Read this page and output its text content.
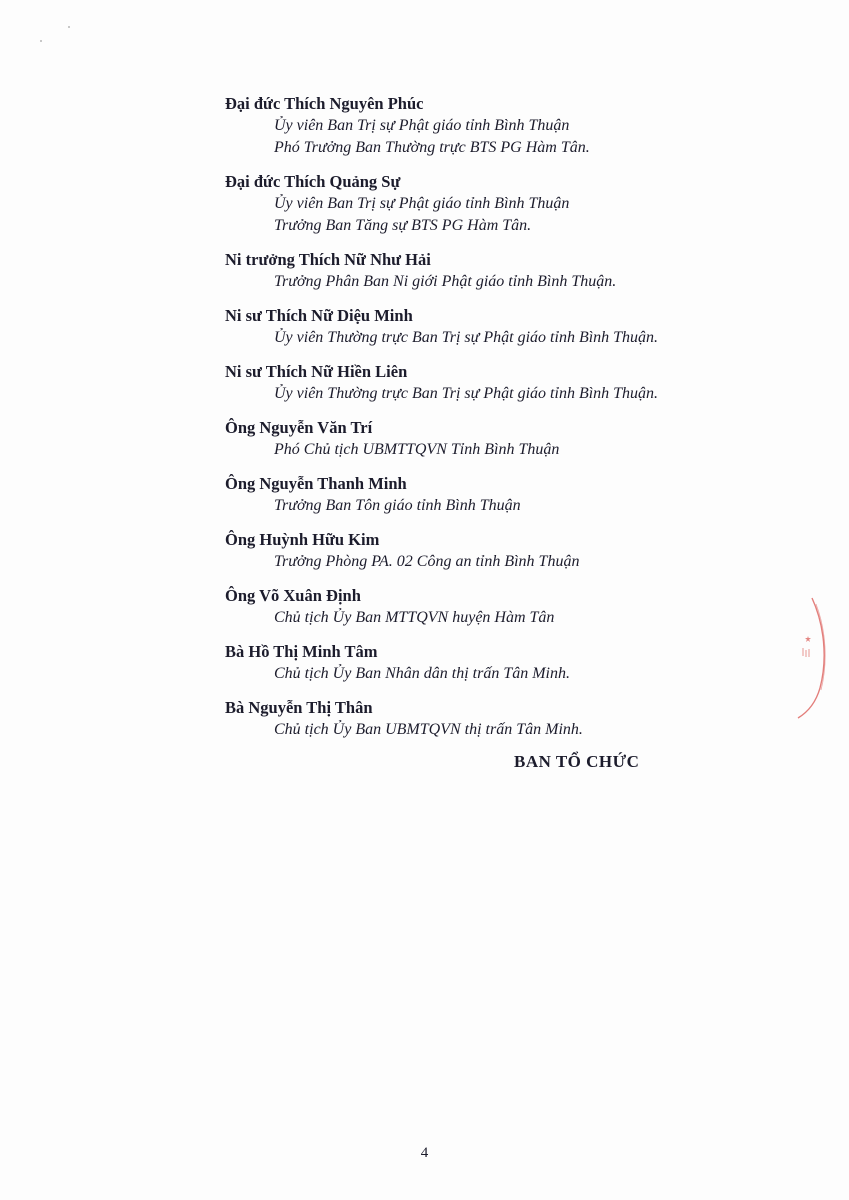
Đại đức Thích Nguyên Phúc
Ủy viên Ban Trị sự Phật giáo tỉnh Bình Thuận
Phó Trưởng Ban Thường trực BTS PG Hàm Tân.
Đại đức Thích Quảng Sự
Ủy viên Ban Trị sự Phật giáo tỉnh Bình Thuận
Trưởng Ban Tăng sự BTS PG Hàm Tân.
Ni trưởng Thích Nữ Như Hải
Trưởng Phân Ban Ni giới Phật giáo tỉnh Bình Thuận.
Ni sư Thích Nữ Diệu Minh
Ủy viên Thường trực Ban Trị sự Phật giáo tỉnh Bình Thuận.
Ni sư Thích Nữ Hiền Liên
Ủy viên Thường trực Ban Trị sự Phật giáo tỉnh Bình Thuận.
Ông Nguyễn Văn Trí
Phó Chủ tịch UBMTTQVN Tỉnh Bình Thuận
Ông Nguyễn Thanh Minh
Trưởng Ban Tôn giáo tỉnh Bình Thuận
Ông Huỳnh Hữu Kim
Trưởng Phòng PA. 02 Công an tỉnh Bình Thuận
Ông Võ Xuân Định
Chủ tịch Ủy Ban MTTQVN huyện Hàm Tân
Bà Hồ Thị Minh Tâm
Chủ tịch Ủy Ban Nhân dân thị trấn Tân Minh.
Bà Nguyễn Thị Thân
Chủ tịch Ủy Ban UBMTQVN thị trấn Tân Minh.
BAN TỔ CHỨC
4
